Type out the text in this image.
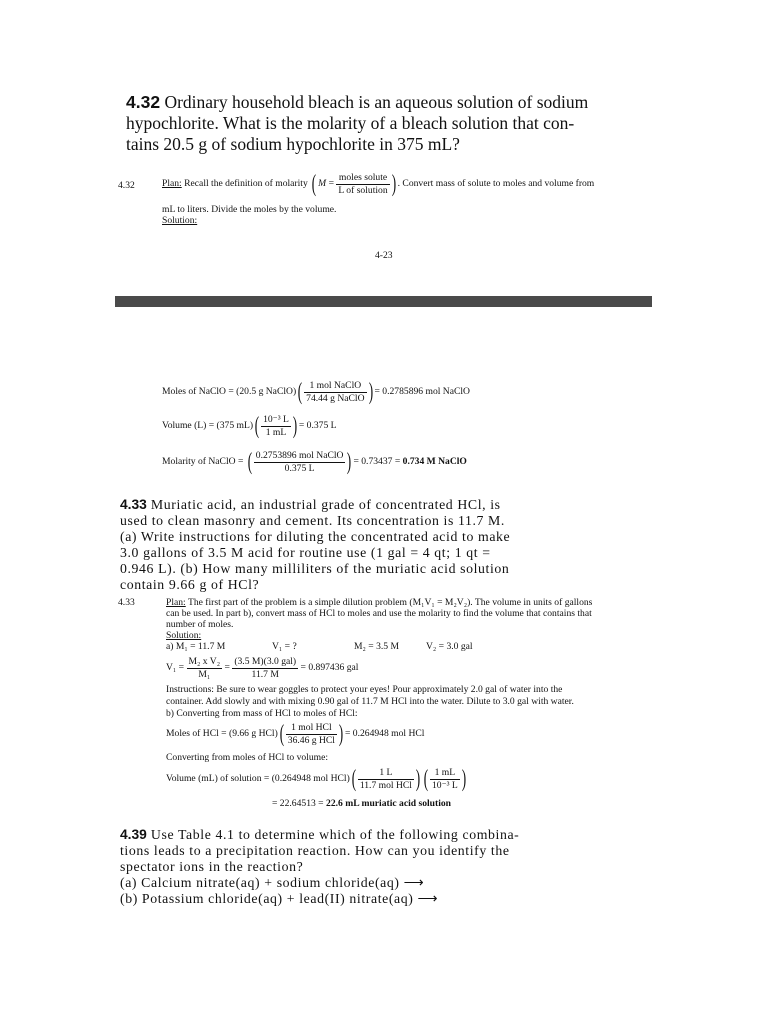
4.32 Ordinary household bleach is an aqueous solution of sodium
hypochlorite. What is the molarity of a bleach solution that con-
tains 20.5 g of sodium hypochlorite in 375 mL?
4.32	Plan: Recall the definition of molarity ( $M = \frac{\text{moles solute}}{\text{L of solution}}$ ) . Convert mass of solute to moles and volume from
mL to liters. Divide the moles by the volume.
Solution:
4-23
Moles of NaClO = (20.5 g NaClO)( $\frac{\text{1 mol NaClO}}{\text{74.44 g NaClO}}$ ) = 0.2785896 mol NaClO
Volume (L) = (375 $mL)( \frac{\text{10⁻³ L}}{1 mL}$ ) = 0.375 L
Molarity of NaClO = ( $\frac{\text{0.2753896 mol NaClO}}{0.375 L}$ ) = 0.73437 = 0.734 M NaClO
4.33 Muriatic acid, an industrial grade of concentrated HCl, is
used to clean masonry and cement. Its concentration is 11.7 M.
(a) Write instructions for diluting the concentrated acid to make
3.0 gallons of 3.5 M acid for routine use (1 gal = 4 qt; 1 qt =
0.946 L). (b) How many milliliters of the muriatic acid solution
contain 9.66 g of HCl?
4.33	Plan: The first part of the problem is a simple dilution problem (M₁V₁ = M₂V₂). The volume in units of gallons
can be used. In part b), convert mass of HCl to moles and use the molarity to find the volume that contains that
number of moles.
Solution:
a) M₁ = 11.7 M	V₁ = ?	M₂ = 3.5 M	V₂ = 3.0 gal
$V_1 = \frac{\text{M₂ x V₂}}{\text{M₁}} = \frac{\text{(3.5 M)(3.0 gal)}}{11.7 M} = 0.897436$ gal
Instructions: Be sure to wear goggles to protect your eyes! Pour approximately 2.0 gal of water into the
container. Add slowly and with mixing 0.90 gal of 11.7 M HCl into the water. Dilute to 3.0 gal with water.
b) Converting from mass of HCl to moles of HCl:
Moles of HCl = (9.66 g $HCl)( \frac{\text{1 mol HCl}}{\text{36.46 g HCl}}$ ) = 0.264948 mol HCl
Converting from moles of HCl to volume:
Volume (mL) of solution = (0.264948 mol $HCl)( \frac{1 L}{\text{11.7 mol HCl}}$ ) ( $\frac{1 mL}{\text{10⁻³ L}}$ )
= 22.64513 = 22.6 mL muriatic acid solution
4.39 Use Table 4.1 to determine which of the following combina-
tions leads to a precipitation reaction. How can you identify the
spectator ions in the reaction?
(a) Calcium nitrate(aq) + sodium chloride(aq) ⟶
(b) Potassium chloride(aq) + lead(II) nitrate(aq) ⟶
